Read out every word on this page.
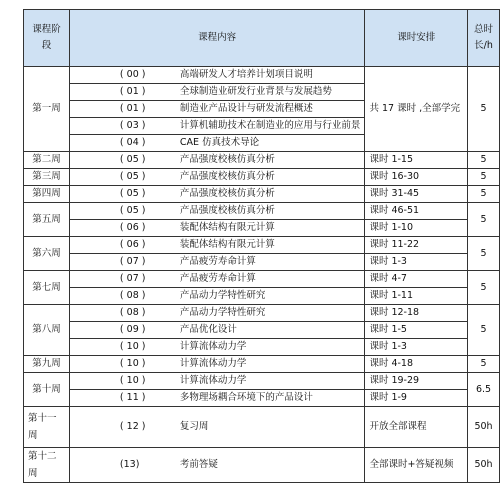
课程阶段	课程内容	课时安排	总时长/h
第一周	( 00 ) 高端研发人才培养计划项目说明	共 17 课时 ,全部学完	5

	( 01 ) 全球制造业研发行业背景与发展趋势		

	( 01 ) 制造业产品设计与研发流程概述		

	( 03 ) 计算机辅助技术在制造业的应用与行业前景		

	( 04 ) CAE 仿真技术导论		

第二周	( 05 ) 产品强度校核仿真分析	课时 1-15	5
第三周	( 05 ) 产品强度校核仿真分析	课时 16-30	5
第四周	( 05 ) 产品强度校核仿真分析	课时 31-45	5
第五周	( 05 ) 产品强度校核仿真分析	课时 46-51	5

	( 06 ) 装配体结构有限元计算	课时 1-10	
第六周	( 06 ) 装配体结构有限元计算	课时 11-22	5

	( 07 ) 产品疲劳寿命计算	课时 1-3	
第七周	( 07 ) 产品疲劳寿命计算	课时 4-7	5

	( 08 ) 产品动力学特性研究	课时 1-11	
第八周	( 08 ) 产品动力学特性研究	课时 12-18	5

	( 09 ) 产品优化设计	课时 1-5	

	( 10 ) 计算流体动力学	课时 1-3	
第九周	( 10 ) 计算流体动力学	课时 4-18	5
第十周	( 10 ) 计算流体动力学	课时 19-29	6.5

	( 11 ) 多物理场耦合环境下的产品设计	课时 1-9	
第十一周	( 12 ) 复习周	开放全部课程	50h
第十二周	(13) 考前答疑	全部课时+答疑视频	50h
